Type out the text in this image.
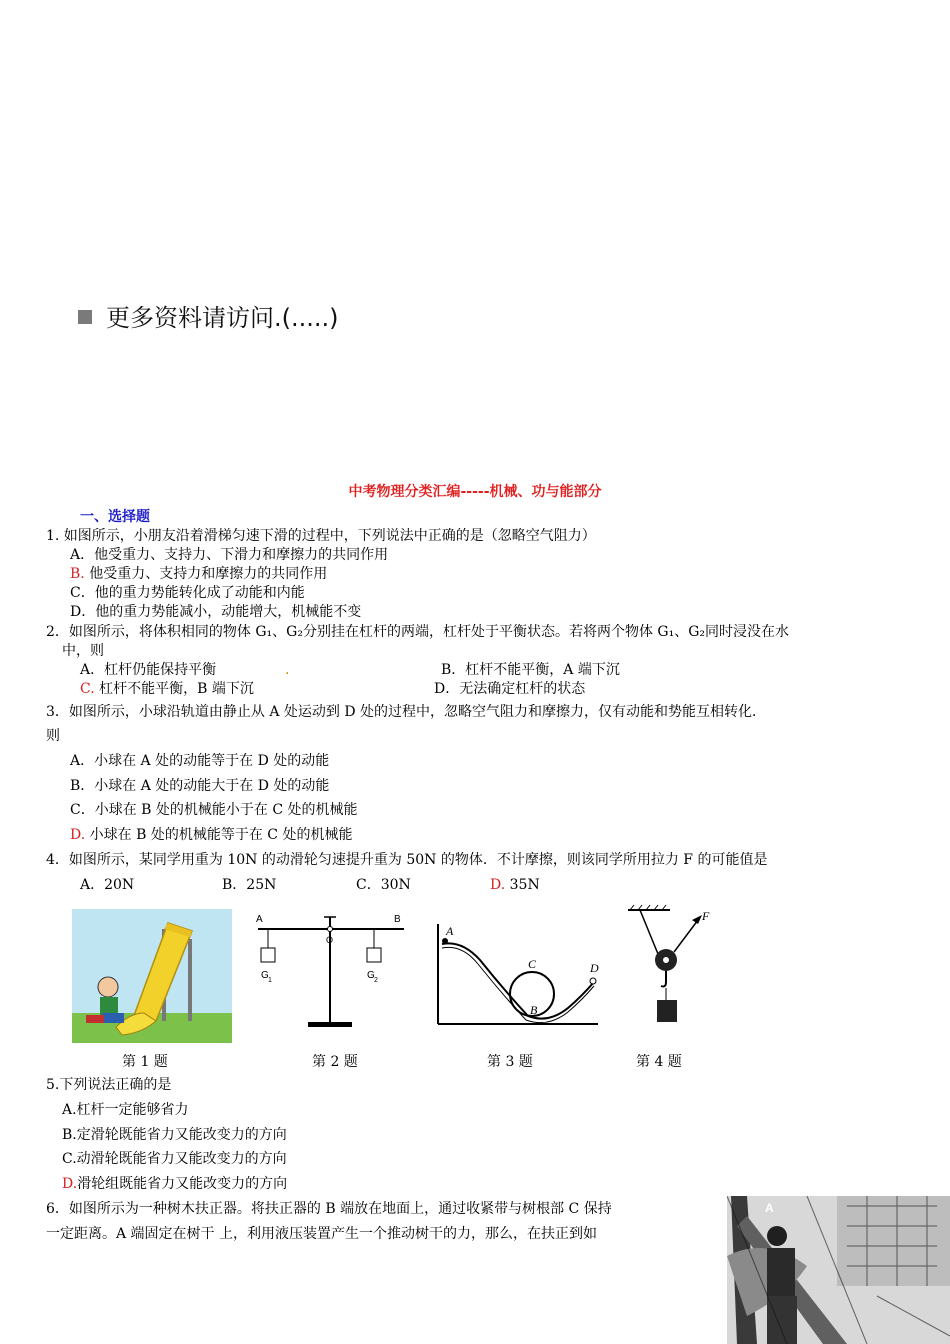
更多资料请访问.(.....)
中考物理分类汇编-----机械、功与能部分
一、选择题
1. 如图所示，小朋友沿着滑梯匀速下滑的过程中，下列说法中正确的是（忽略空气阻力）
A．他受重力、支持力、下滑力和摩擦力的共同作用
B. 他受重力、支持力和摩擦力的共同作用
C．他的重力势能转化成了动能和内能
D．他的重力势能减小，动能增大，机械能不变
2．如图所示，将体积相同的物体 G₁、G₂分别挂在杠杆的两端，杠杆处于平衡状态。若将两个物体 G₁、G₂同时浸没在水
中，则
A．杠杆仍能保持平衡	.	B．杠杆不能平衡，A 端下沉
C. 杠杆不能平衡，B 端下沉	D．无法确定杠杆的状态
3．如图所示，小球沿轨道由静止从 A 处运动到 D 处的过程中，忽略空气阻力和摩擦力，仅有动能和势能互相转化．
则
A．小球在 A 处的动能等于在 D 处的动能
B．小球在 A 处的动能大于在 D 处的动能
C．小球在 B 处的机械能小于在 C 处的机械能
D. 小球在 B 处的机械能等于在 C 处的机械能
4．如图所示，某同学用重为 10N 的动滑轮匀速提升重为 50N 的物体．不计摩擦，则该同学所用拉力 F 的可能值是
A．20N	B．25N	C．30N	D. 35N
A	B
O
G 1	G 2
A
C
B
D
F
第 1 题	第 2 题	第 3 题	第 4 题
5.下列说法正确的是
A.杠杆一定能够省力
B.定滑轮既能省力又能改变力的方向
C.动滑轮既能省力又能改变力的方向
D.滑轮组既能省力又能改变力的方向
6．如图所示为一种树木扶正器。将扶正器的 B 端放在地面上，通过收紧带与树根部 C 保持
一定距离。A 端固定在树干 上，利用液压装置产生一个推动树干的力，那么，在扶正到如
A
